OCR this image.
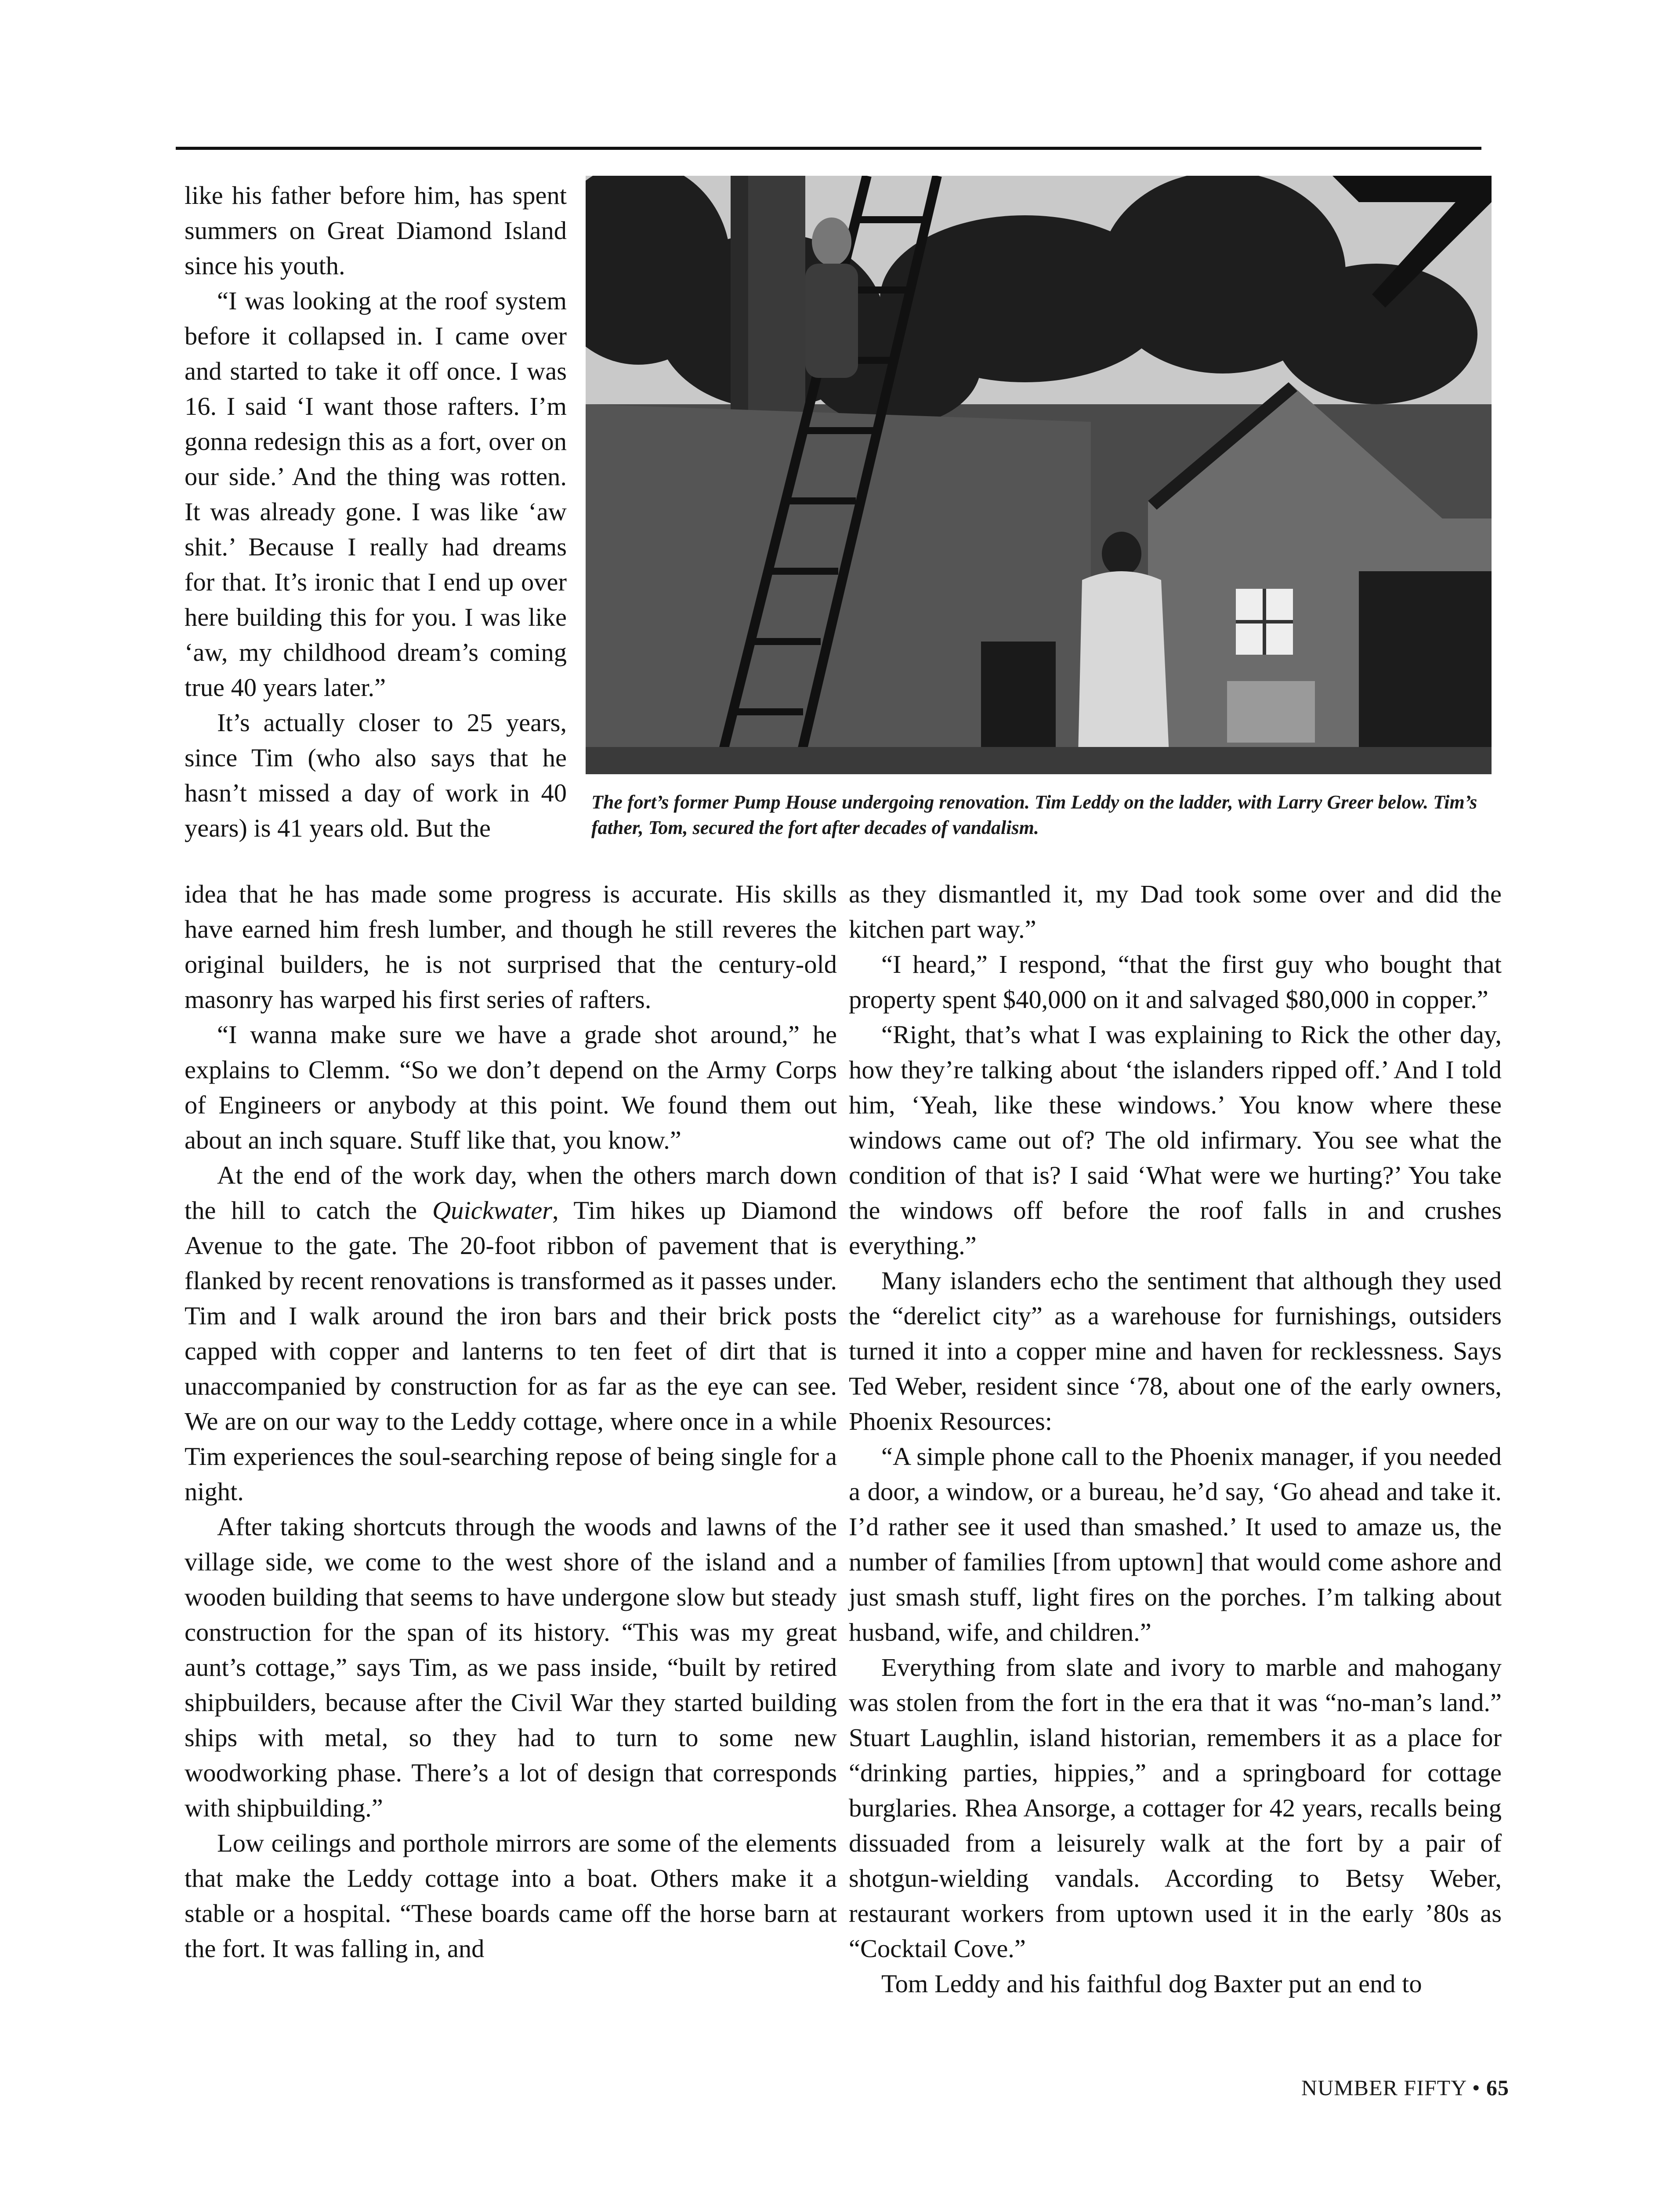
like his father before him, has spent summers on Great Diamond Island since his youth.

“I was looking at the roof system before it collapsed in. I came over and started to take it off once. I was 16. I said ‘I want those rafters. I’m gonna redesign this as a fort, over on our side.’ And the thing was rotten. It was already gone. I was like ‘aw shit.’ Because I really had dreams for that. It’s ironic that I end up over here building this for you. I was like ‘aw, my childhood dream’s coming true 40 years later.”

It’s actually closer to 25 years, since Tim (who also says that he hasn’t missed a day of work in 40 years) is 41 years old. But the

The fort’s former Pump House undergoing renovation. Tim Leddy on the ladder, with Larry Greer below. Tim’s father, Tom, secured the fort after decades of vandalism.

idea that he has made some progress is accurate. His skills have earned him fresh lumber, and though he still reveres the original builders, he is not surprised that the century-old masonry has warped his first series of rafters.

“I wanna make sure we have a grade shot around,” he explains to Clemm. “So we don’t depend on the Army Corps of Engineers or anybody at this point. We found them out about an inch square. Stuff like that, you know.”

At the end of the work day, when the others march down the hill to catch the Quickwater, Tim hikes up Diamond Avenue to the gate. The 20-foot ribbon of pavement that is flanked by recent renovations is transformed as it passes under. Tim and I walk around the iron bars and their brick posts capped with copper and lanterns to ten feet of dirt that is unaccompanied by construction for as far as the eye can see. We are on our way to the Leddy cottage, where once in a while Tim experiences the soul-searching repose of being single for a night.

After taking shortcuts through the woods and lawns of the village side, we come to the west shore of the island and a wooden building that seems to have undergone slow but steady construction for the span of its history. “This was my great aunt’s cottage,” says Tim, as we pass inside, “built by retired shipbuilders, because after the Civil War they started building ships with metal, so they had to turn to some new woodworking phase. There’s a lot of design that corresponds with shipbuilding.”

Low ceilings and porthole mirrors are some of the elements that make the Leddy cottage into a boat. Others make it a stable or a hospital. “These boards came off the horse barn at the fort. It was falling in, and

as they dismantled it, my Dad took some over and did the kitchen part way.”

“I heard,” I respond, “that the first guy who bought that property spent $40,000 on it and salvaged $80,000 in copper.”

“Right, that’s what I was explaining to Rick the other day, how they’re talking about ‘the islanders ripped off.’ And I told him, ‘Yeah, like these windows.’ You know where these windows came out of? The old infirmary. You see what the condition of that is? I said ‘What were we hurting?’ You take the windows off before the roof falls in and crushes everything.”

Many islanders echo the sentiment that although they used the “derelict city” as a warehouse for furnishings, outsiders turned it into a copper mine and haven for recklessness. Says Ted Weber, resident since ‘78, about one of the early owners, Phoenix Resources:

“A simple phone call to the Phoenix manager, if you needed a door, a window, or a bureau, he’d say, ‘Go ahead and take it. I’d rather see it used than smashed.’ It used to amaze us, the number of families [from uptown] that would come ashore and just smash stuff, light fires on the porches. I’m talking about husband, wife, and children.”

Everything from slate and ivory to marble and mahogany was stolen from the fort in the era that it was “no-man’s land.” Stuart Laughlin, island historian, remembers it as a place for “drinking parties, hippies,” and a springboard for cottage burglaries. Rhea Ansorge, a cottager for 42 years, recalls being dissuaded from a leisurely walk at the fort by a pair of shotgun-wielding vandals. According to Betsy Weber, restaurant workers from uptown used it in the early ’80s as “Cocktail Cove.”

Tom Leddy and his faithful dog Baxter put an end to

NUMBER FIFTY • 65
